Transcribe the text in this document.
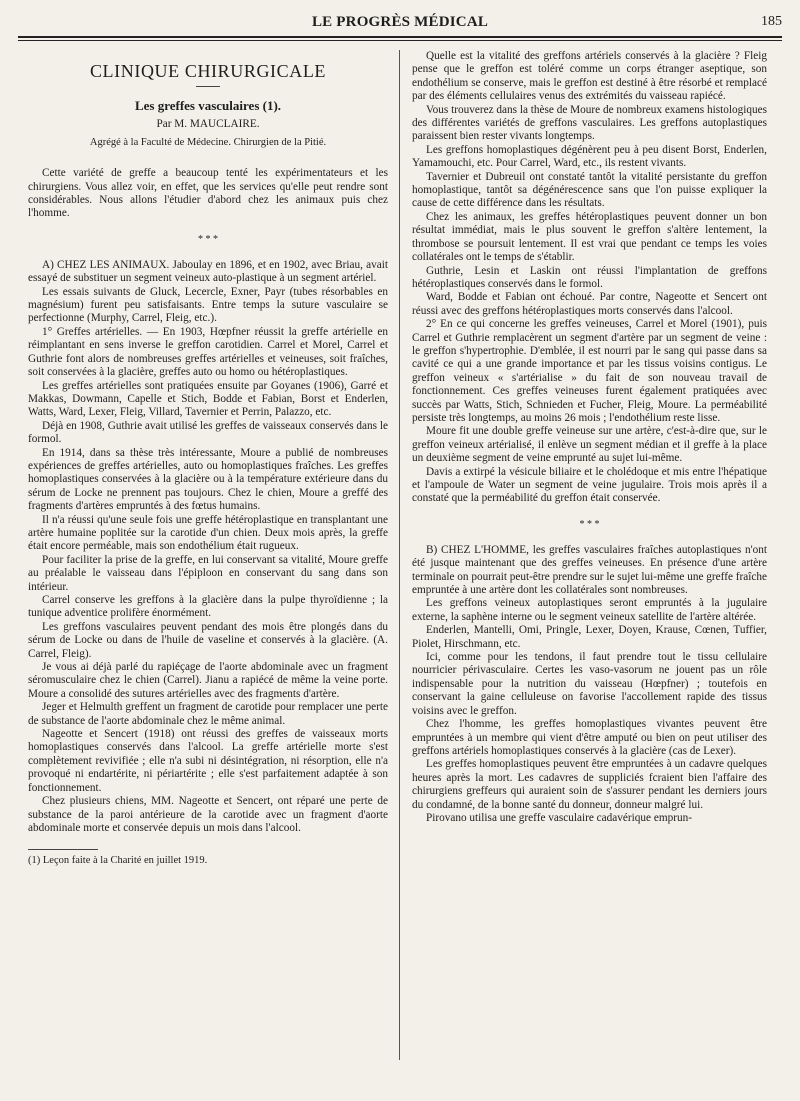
LE PROGRÈS MÉDICAL	185

CLINIQUE CHIRURGICALE

Les greffes vasculaires (1).

Par M. MAUCLAIRE.

Agrégé à la Faculté de Médecine. Chirurgien de la Pitié.

Cette variété de greffe a beaucoup tenté les expérimentateurs et les chirurgiens. Vous allez voir, en effet, que les services qu'elle peut rendre sont considérables. Nous allons l'étudier d'abord chez les animaux puis chez l'homme.

* * *

A) CHEZ LES ANIMAUX. Jaboulay en 1896, et en 1902, avec Briau, avait essayé de substituer un segment veineux auto-plastique à un segment artériel.

Les essais suivants de Gluck, Lecercle, Exner, Payr (tubes résorbables en magnésium) furent peu satisfaisants. Entre temps la suture vasculaire se perfectionne (Murphy, Carrel, Fleig, etc.).

1° Greffes artérielles. — En 1903, Hœpfner réussit la greffe artérielle en réimplantant en sens inverse le greffon carotidien. Carrel et Morel, Carrel et Guthrie font alors de nombreuses greffes artérielles et veineuses, soit fraîches, soit conservées à la glacière, greffes auto ou homo ou hétéroplastiques.

Les greffes artérielles sont pratiquées ensuite par Goyanes (1906), Garré et Makkas, Dowmann, Capelle et Stich, Bodde et Fabian, Borst et Enderlen, Watts, Ward, Lexer, Fleig, Villard, Tavernier et Perrin, Palazzo, etc.

Déjà en 1908, Guthrie avait utilisé les greffes de vaisseaux conservés dans le formol.

En 1914, dans sa thèse très intéressante, Moure a publié de nombreuses expériences de greffes artérielles, auto ou homoplastiques fraîches. Les greffes homoplastiques conservées à la glacière ou à la température extérieure dans du sérum de Locke ne prennent pas toujours. Chez le chien, Moure a greffé des fragments d'artères empruntés à des fœtus humains.

Il n'a réussi qu'une seule fois une greffe hétéroplastique en transplantant une artère humaine poplitée sur la carotide d'un chien. Deux mois après, la greffe était encore perméable, mais son endothélium était rugueux.

Pour faciliter la prise de la greffe, en lui conservant sa vitalité, Moure greffe au préalable le vaisseau dans l'épiploon en conservant du sang dans son intérieur.

Carrel conserve les greffons à la glacière dans la pulpe thyroïdienne ; la tunique adventice prolifère énormément.

Les greffons vasculaires peuvent pendant des mois être plongés dans du sérum de Locke ou dans de l'huile de vaseline et conservés à la glacière. (A. Carrel, Fleig).

Je vous ai déjà parlé du rapiéçage de l'aorte abdominale avec un fragment séromusculaire chez le chien (Carrel). Jianu a rapiécé de même la veine porte. Moure a consolidé des sutures artérielles avec des fragments d'artère.

Jeger et Helmulth greffent un fragment de carotide pour remplacer une perte de substance de l'aorte abdominale chez le même animal.

Nageotte et Sencert (1918) ont réussi des greffes de vaisseaux morts homoplastiques conservés dans l'alcool. La greffe artérielle morte s'est complètement revivifiée ; elle n'a subi ni désintégration, ni résorption, elle n'a provoqué ni endartérite, ni périartérite ; elle s'est parfaitement adaptée à son fonctionnement.

Chez plusieurs chiens, MM. Nageotte et Sencert, ont réparé une perte de substance de la paroi antérieure de la carotide avec un fragment d'aorte abdominale morte et conservée depuis un mois dans l'alcool.

(1) Leçon faite à la Charité en juillet 1919.

Quelle est la vitalité des greffons artériels conservés à la glacière ? Fleig pense que le greffon est toléré comme un corps étranger aseptique, son endothélium se conserve, mais le greffon est destiné à être résorbé et remplacé par des éléments cellulaires venus des extrémités du vaisseau rapiécé.

Vous trouverez dans la thèse de Moure de nombreux examens histologiques des différentes variétés de greffons vasculaires. Les greffons autoplastiques paraissent bien rester vivants longtemps.

Les greffons homoplastiques dégénèrent peu à peu disent Borst, Enderlen, Yamamouchi, etc. Pour Carrel, Ward, etc., ils restent vivants.

Tavernier et Dubreuil ont constaté tantôt la vitalité persistante du greffon homoplastique, tantôt sa dégénérescence sans que l'on puisse expliquer la cause de cette différence dans les résultats.

Chez les animaux, les greffes hétéroplastiques peuvent donner un bon résultat immédiat, mais le plus souvent le greffon s'altère lentement, la thrombose se poursuit lentement. Il est vrai que pendant ce temps les voies collatérales ont le temps de s'établir.

Guthrie, Lesin et Laskin ont réussi l'implantation de greffons hétéroplastiques conservés dans le formol.

Ward, Bodde et Fabian ont échoué. Par contre, Nageotte et Sencert ont réussi avec des greffons hétéroplastiques morts conservés dans l'alcool.

2° En ce qui concerne les greffes veineuses, Carrel et Morel (1901), puis Carrel et Guthrie remplacèrent un segment d'artère par un segment de veine : le greffon s'hypertrophie. D'emblée, il est nourri par le sang qui passe dans sa cavité ce qui a une grande importance et par les tissus voisins contigus. Le greffon veineux « s'artérialise » du fait de son nouveau travail de fonctionnement. Ces greffes veineuses furent également pratiquées avec succès par Watts, Stich, Schnieden et Fucher, Fleig, Moure. La perméabilité persiste très longtemps, au moins 26 mois ; l'endothélium reste lisse.

Moure fit une double greffe veineuse sur une artère, c'est-à-dire que, sur le greffon veineux artérialisé, il enlève un segment médian et il greffe à la place un deuxième segment de veine emprunté au sujet lui-même.

Davis a extirpé la vésicule biliaire et le cholédoque et mis entre l'hépatique et l'ampoule de Water un segment de veine jugulaire. Trois mois après il a constaté que la perméabilité du greffon était conservée.

* * *

B) CHEZ L'HOMME, les greffes vasculaires fraîches autoplastiques n'ont été jusque maintenant que des greffes veineuses. En présence d'une artère terminale on pourrait peut-être prendre sur le sujet lui-même une greffe fraîche empruntée à une artère dont les collatérales sont nombreuses.

Les greffons veineux autoplastiques seront empruntés à la jugulaire externe, la saphène interne ou le segment veineux satellite de l'artère altérée.

Enderlen, Mantelli, Omi, Pringle, Lexer, Doyen, Krause, Cœnen, Tuffier, Piolet, Hirschmann, etc.

Ici, comme pour les tendons, il faut prendre tout le tissu cellulaire nourricier périvasculaire. Certes les vaso-vasorum ne jouent pas un rôle indispensable pour la nutrition du vaisseau (Hœpfner) ; toutefois en conservant la gaine celluleuse on favorise l'accollement rapide des tissus voisins avec le greffon.

Chez l'homme, les greffes homoplastiques vivantes peuvent être empruntées à un membre qui vient d'être amputé ou bien on peut utiliser des greffons artériels homoplastiques conservés à la glacière (cas de Lexer).

Les greffes homoplastiques peuvent être empruntées à un cadavre quelques heures après la mort. Les cadavres de suppliciés fcraient bien l'affaire des chirurgiens greffeurs qui auraient soin de s'assurer pendant les derniers jours du condamné, de la bonne santé du donneur, donneur malgré lui.

Pirovano utilisa une greffe vasculaire cadavérique emprun-
